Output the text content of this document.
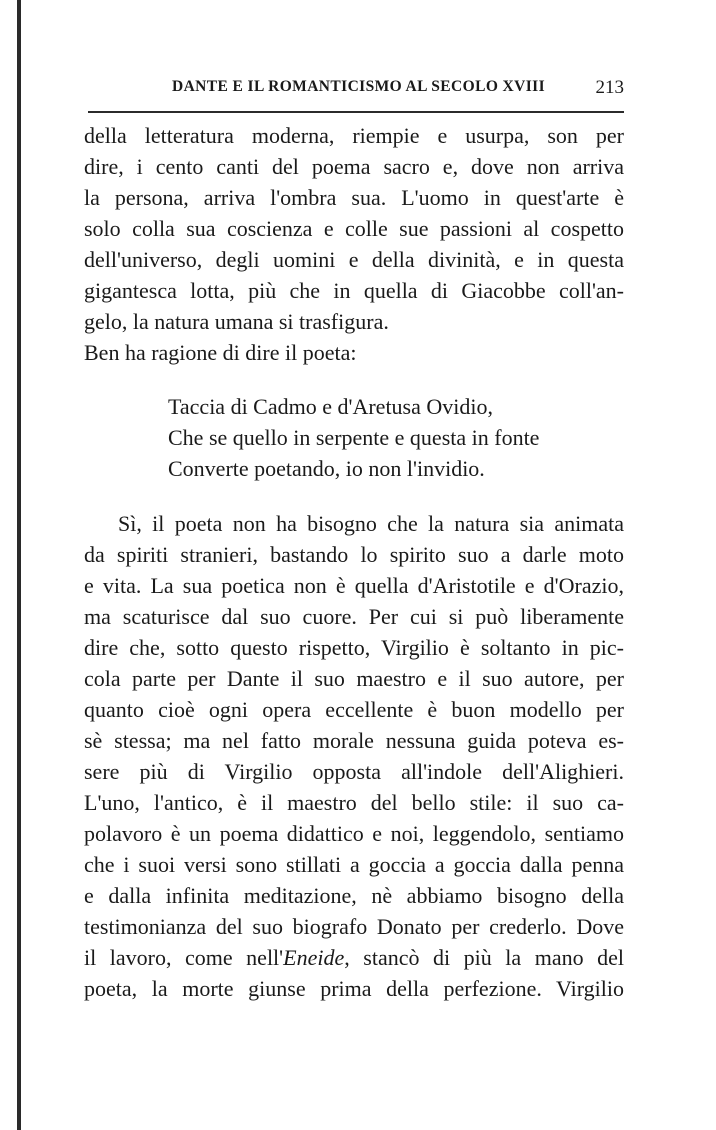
DANTE E IL ROMANTICISMO AL SECOLO XVIII	213
della letteratura moderna, riempie e usurpa, son per
dire, i cento canti del poema sacro e, dove non arriva
la persona, arriva l'ombra sua. L'uomo in quest'arte è
solo colla sua coscienza e colle sue passioni al cospetto
dell'universo, degli uomini e della divinità, e in questa
gigantesca lotta, più che in quella di Giacobbe coll'an-
gelo, la natura umana si trasfigura.
Ben ha ragione di dire il poeta:
Taccia di Cadmo e d'Aretusa Ovidio,
Che se quello in serpente e questa in fonte
Converte poetando, io non l'invidio.
Sì, il poeta non ha bisogno che la natura sia animata
da spiriti stranieri, bastando lo spirito suo a darle moto
e vita. La sua poetica non è quella d'Aristotile e d'Orazio,
ma scaturisce dal suo cuore. Per cui si può liberamente
dire che, sotto questo rispetto, Virgilio è soltanto in pic-
cola parte per Dante il suo maestro e il suo autore, per
quanto cioè ogni opera eccellente è buon modello per
sè stessa; ma nel fatto morale nessuna guida poteva es-
sere più di Virgilio opposta all'indole dell'Alighieri.
L'uno, l'antico, è il maestro del bello stile: il suo ca-
polavoro è un poema didattico e noi, leggendolo, sentiamo
che i suoi versi sono stillati a goccia a goccia dalla penna
e dalla infinita meditazione, nè abbiamo bisogno della
testimonianza del suo biografo Donato per crederlo. Dove
il lavoro, come nell'Eneide, stancò di più la mano del
poeta, la morte giunse prima della perfezione. Virgilio
